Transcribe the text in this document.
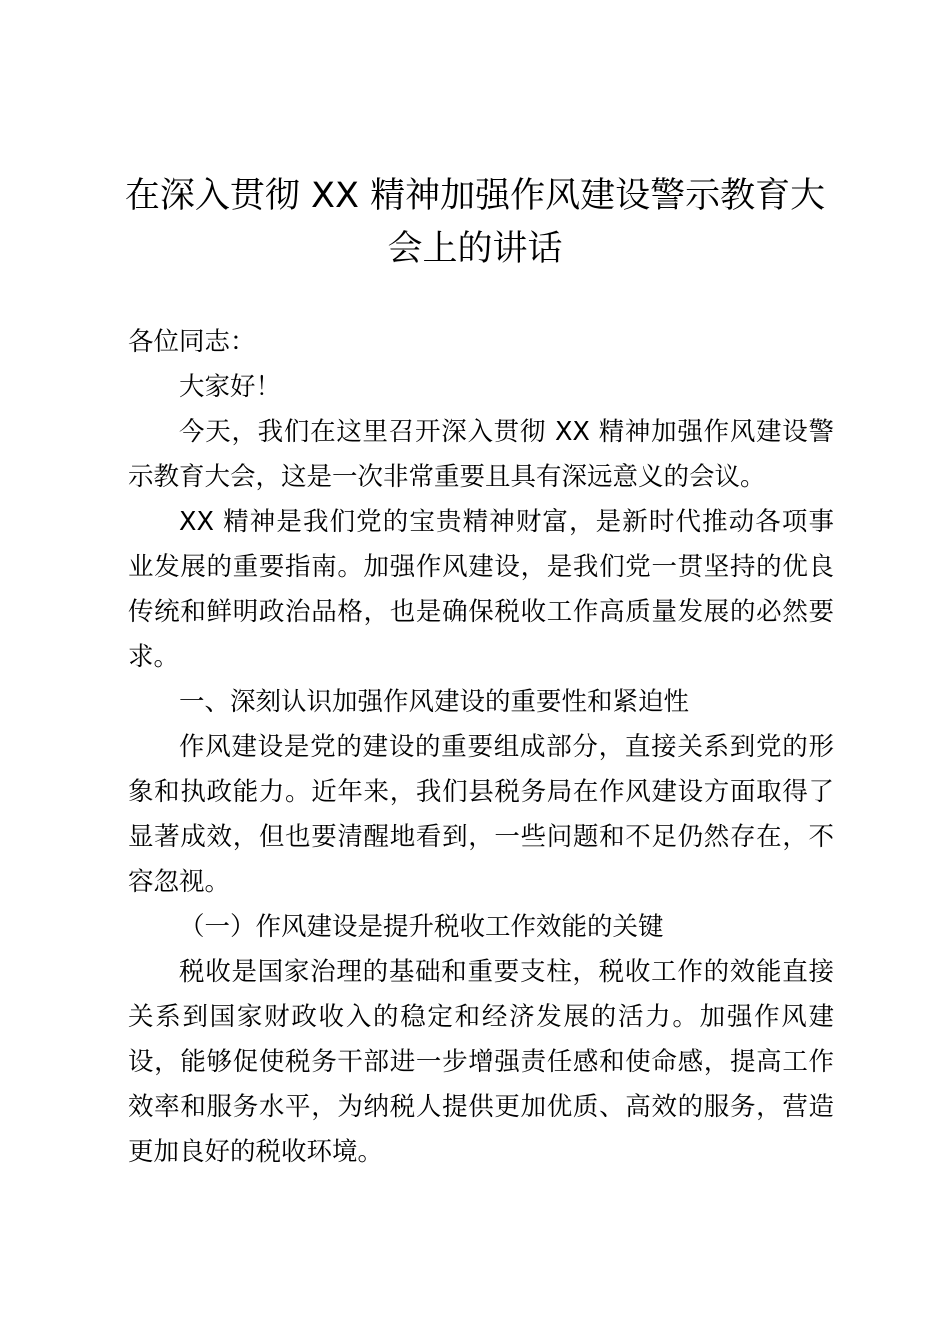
在深入贯彻 XX 精神加强作风建设警示教育大会上的讲话

各位同志：

大家好！

今天，我们在这里召开深入贯彻 XX 精神加强作风建设警示教育大会，这是一次非常重要且具有深远意义的会议。

XX 精神是我们党的宝贵精神财富，是新时代推动各项事业发展的重要指南。加强作风建设，是我们党一贯坚持的优良传统和鲜明政治品格，也是确保税收工作高质量发展的必然要求。

一、深刻认识加强作风建设的重要性和紧迫性

作风建设是党的建设的重要组成部分，直接关系到党的形象和执政能力。近年来，我们县税务局在作风建设方面取得了显著成效，但也要清醒地看到，一些问题和不足仍然存在，不容忽视。

（一）作风建设是提升税收工作效能的关键

税收是国家治理的基础和重要支柱，税收工作的效能直接关系到国家财政收入的稳定和经济发展的活力。加强作风建设，能够促使税务干部进一步增强责任感和使命感，提高工作效率和服务水平，为纳税人提供更加优质、高效的服务，营造更加良好的税收环境。
